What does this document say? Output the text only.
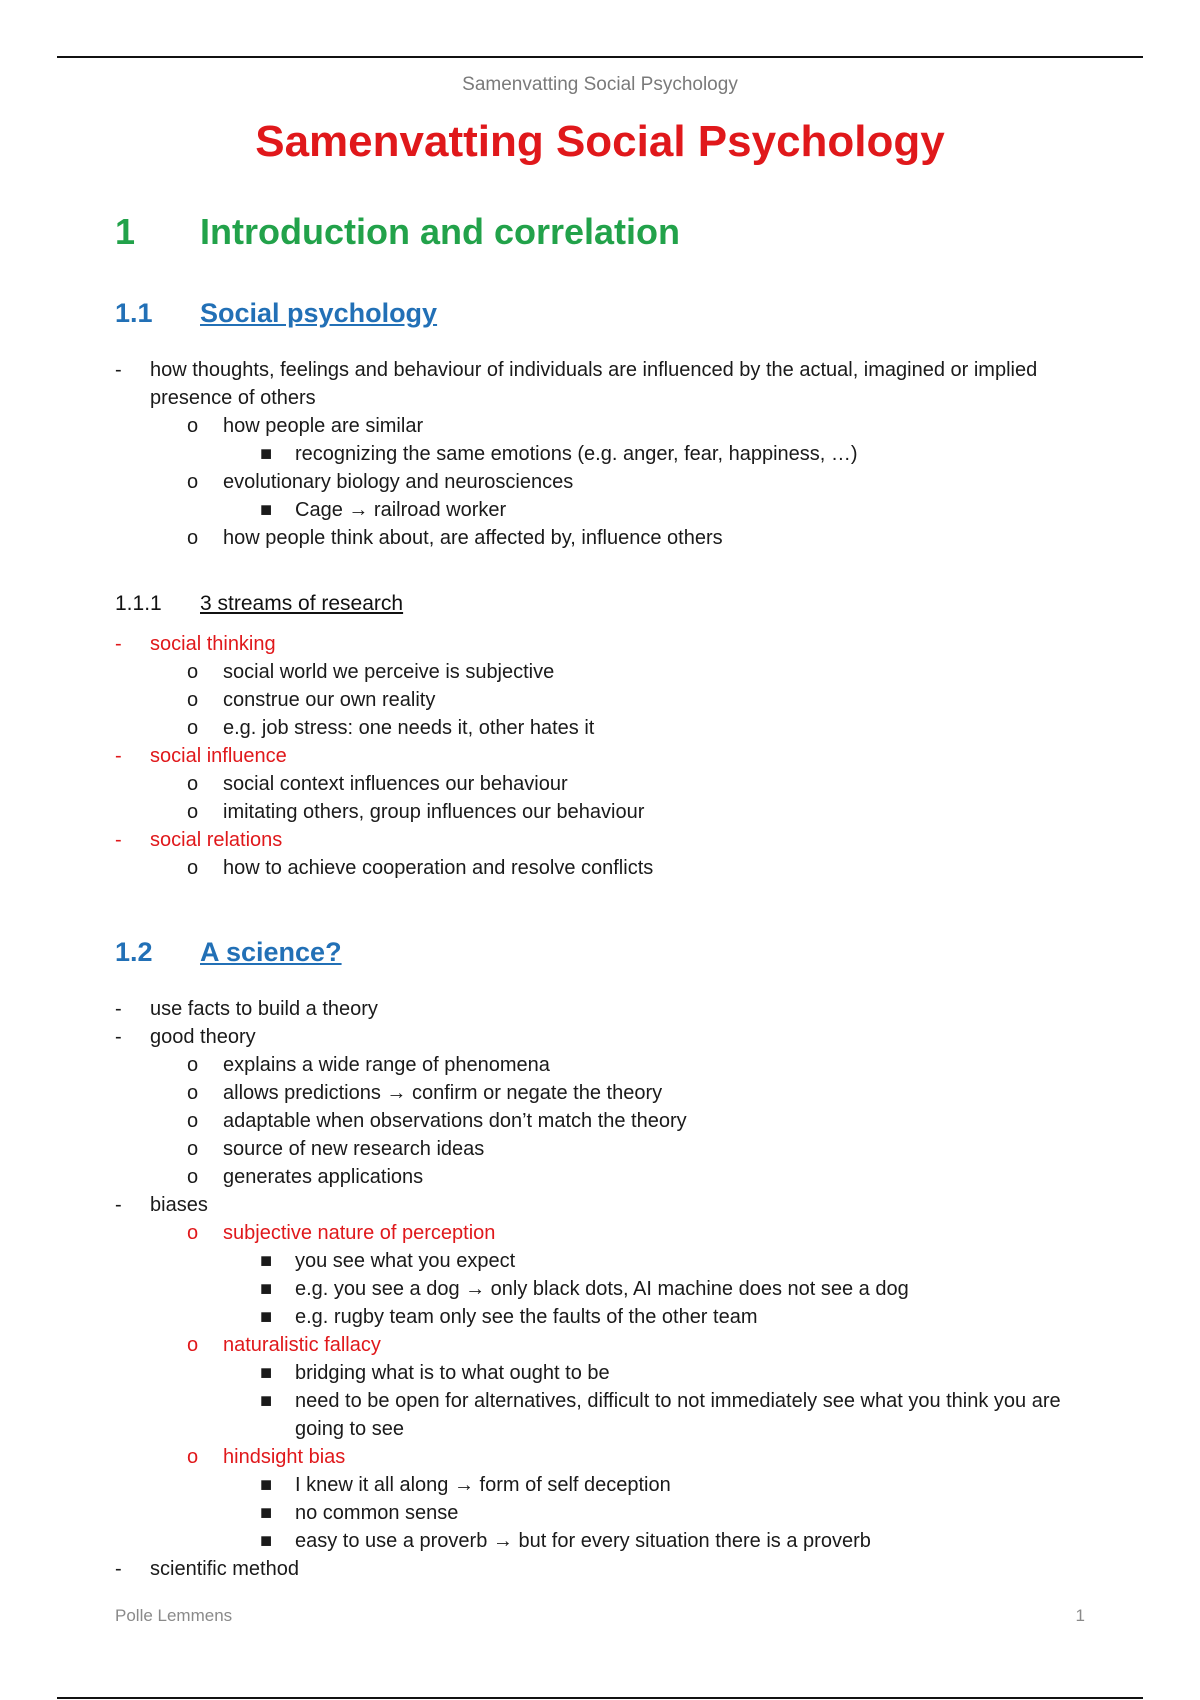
Samenvatting Social Psychology
Samenvatting Social Psychology
1 Introduction and correlation
1.1 Social psychology
- how thoughts, feelings and behaviour of individuals are influenced by the actual, imagined or implied presence of others
o how people are similar
■ recognizing the same emotions (e.g. anger, fear, happiness, …)
o evolutionary biology and neurosciences
■ Cage → railroad worker
o how people think about, are affected by, influence others
1.1.1 3 streams of research
- social thinking
o social world we perceive is subjective
o construe our own reality
o e.g. job stress: one needs it, other hates it
- social influence
o social context influences our behaviour
o imitating others, group influences our behaviour
- social relations
o how to achieve cooperation and resolve conflicts
1.2 A science?
- use facts to build a theory
- good theory
o explains a wide range of phenomena
o allows predictions → confirm or negate the theory
o adaptable when observations don’t match the theory
o source of new research ideas
o generates applications
- biases
o subjective nature of perception
■ you see what you expect
■ e.g. you see a dog → only black dots, AI machine does not see a dog
■ e.g. rugby team only see the faults of the other team
o naturalistic fallacy
■ bridging what is to what ought to be
■ need to be open for alternatives, difficult to not immediately see what you think you are going to see
o hindsight bias
■ I knew it all along → form of self deception
■ no common sense
■ easy to use a proverb → but for every situation there is a proverb
- scientific method
Polle Lemmens	1
